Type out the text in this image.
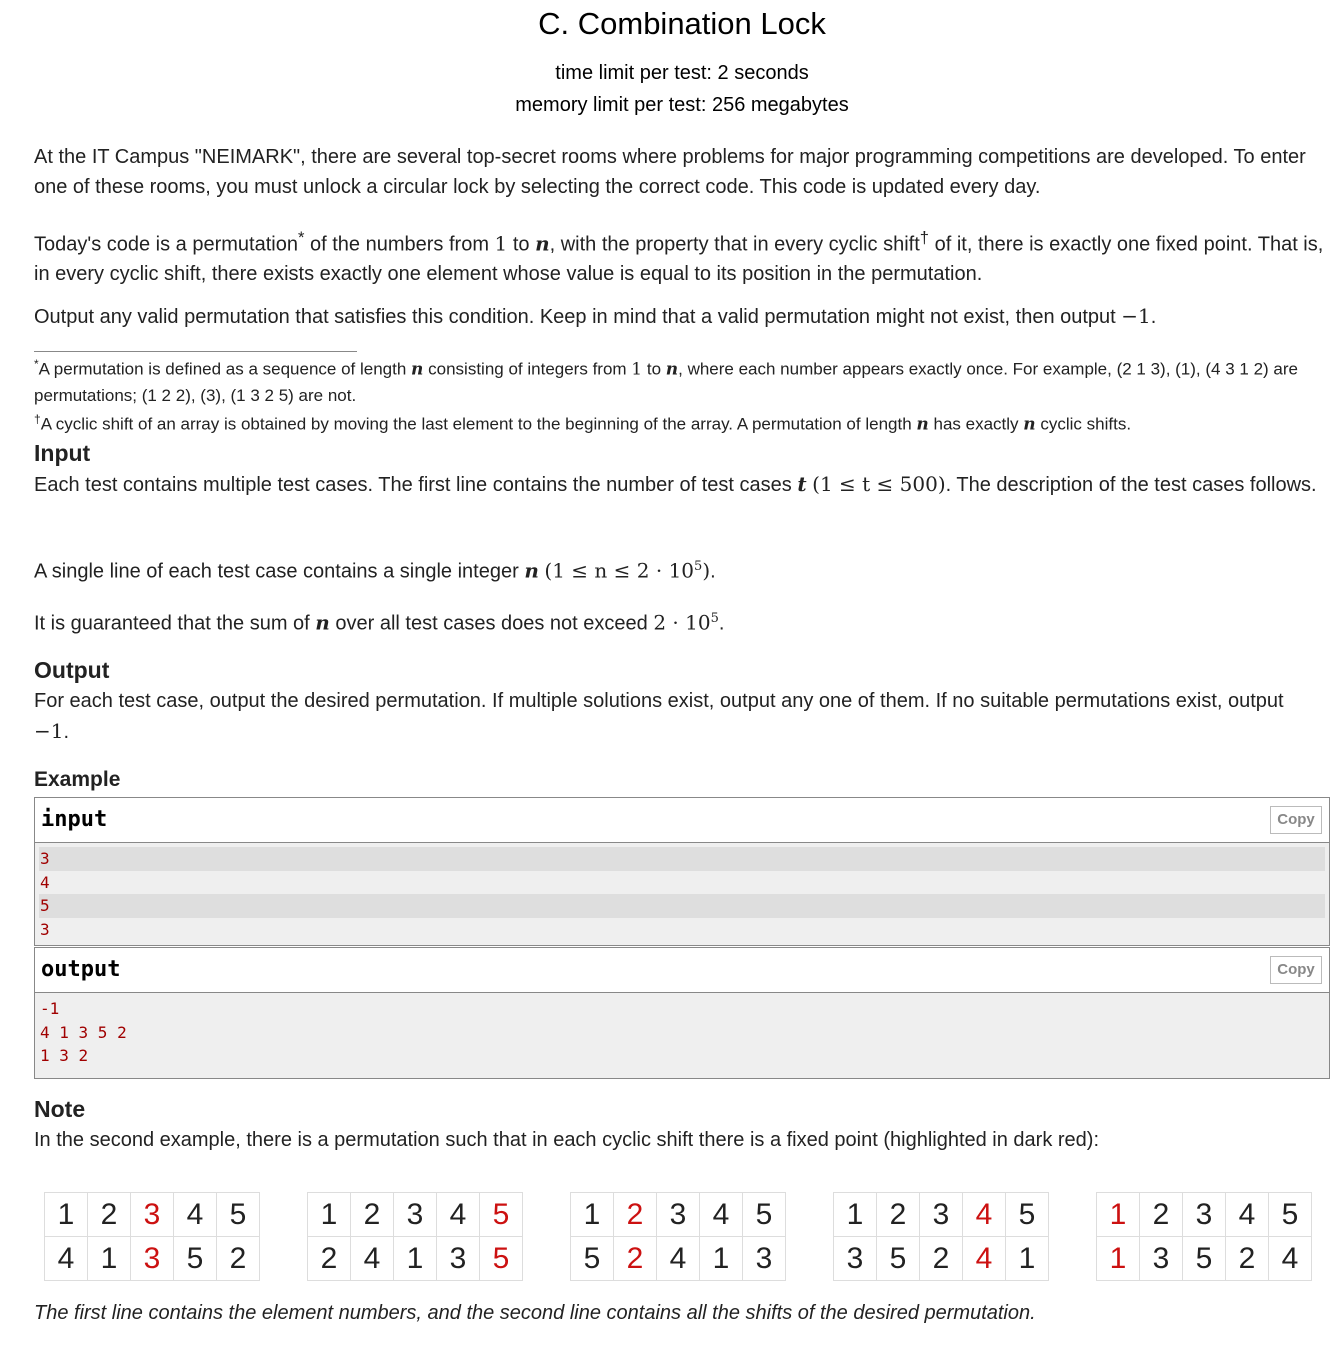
C. Combination Lock
time limit per test: 2 seconds
memory limit per test: 256 megabytes
At the IT Campus "NEIMARK", there are several top-secret rooms where problems for major programming competitions are developed. To enter one of these rooms, you must unlock a circular lock by selecting the correct code. This code is updated every day.
Today's code is a permutation* of the numbers from 1 to n, with the property that in every cyclic shift† of it, there is exactly one fixed point. That is, in every cyclic shift, there exists exactly one element whose value is equal to its position in the permutation.
Output any valid permutation that satisfies this condition. Keep in mind that a valid permutation might not exist, then output −1.
*A permutation is defined as a sequence of length n consisting of integers from 1 to n, where each number appears exactly once. For example, (2 1 3), (1), (4 3 1 2) are permutations; (1 2 2), (3), (1 3 2 5) are not.
†A cyclic shift of an array is obtained by moving the last element to the beginning of the array. A permutation of length n has exactly n cyclic shifts.
Input
Each test contains multiple test cases. The first line contains the number of test cases t (1 ≤ t ≤ 500). The description of the test cases follows.
A single line of each test case contains a single integer n $(1 \le n \le 2 \cdot 10^5)$.
It is guaranteed that the sum of n over all test cases does not exceed $2 \cdot 10^5$.
Output
For each test case, output the desired permutation. If multiple solutions exist, output any one of them. If no suitable permutations exist, output −1.
Example
input	Copy
3
4
5
3
output	Copy
-1
4 1 3 5 2
1 3 2
Note
In the second example, there is a permutation such that in each cyclic shift there is a fixed point (highlighted in dark red):
1	2	3	4	5
4	1	3	5	2
1	2	3	4	5
2	4	1	3	5
1	2	3	4	5
5	2	4	1	3
1	2	3	4	5
3	5	2	4	1
1	2	3	4	5
1	3	5	2	4
The first line contains the element numbers, and the second line contains all the shifts of the desired permutation.
